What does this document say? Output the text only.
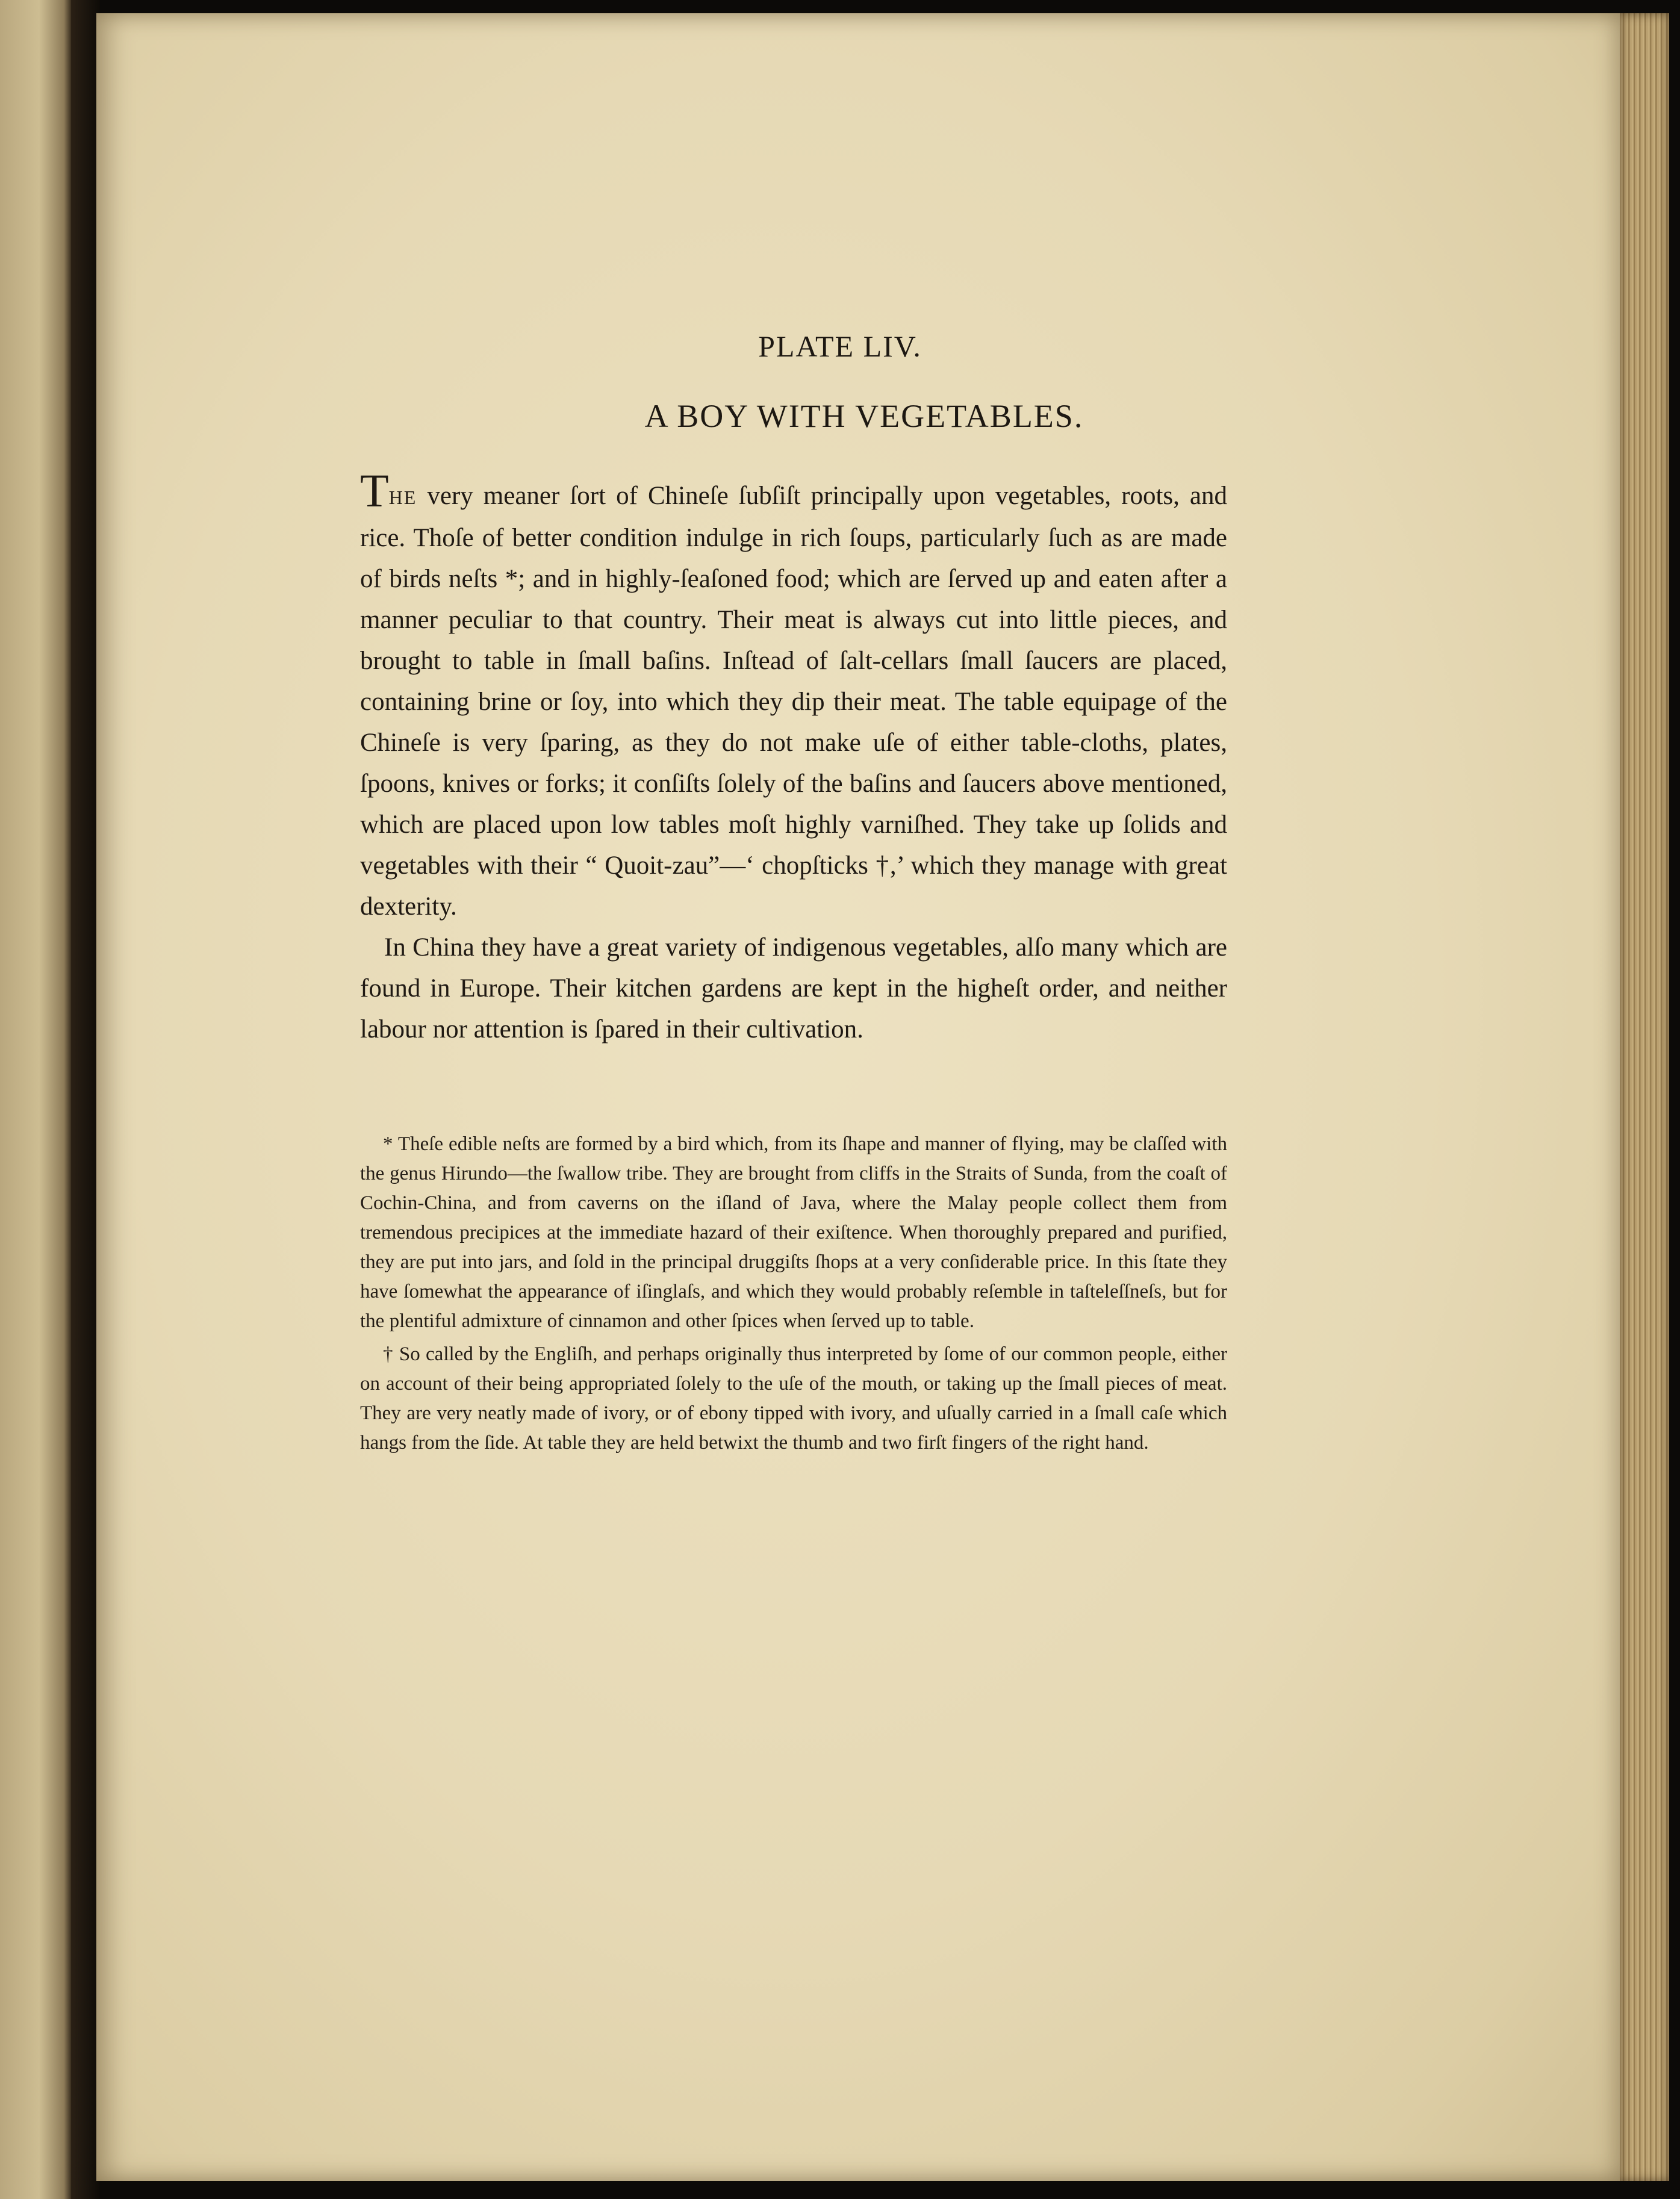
PLATE LIV.
A BOY WITH VEGETABLES.

THE very meaner ſort of Chineſe ſubſiſt principally upon vegetables, roots, and rice. Thoſe of better condition indulge in rich ſoups, particularly ſuch as are made of birds neſts *; and in highly-ſeaſoned food; which are ſerved up and eaten after a manner peculiar to that country. Their meat is always cut into little pieces, and brought to table in ſmall baſins. Inſtead of ſalt-cellars ſmall ſaucers are placed, containing brine or ſoy, into which they dip their meat. The table equipage of the Chineſe is very ſparing, as they do not make uſe of either table-cloths, plates, ſpoons, knives or forks; it conſiſts ſolely of the baſins and ſaucers above mentioned, which are placed upon low tables moſt highly varniſhed. They take up ſolids and vegetables with their “ Quoit-zau”—‘ chopſticks †,’ which they manage with great dexterity.

In China they have a great variety of indigenous vegetables, alſo many which are found in Europe. Their kitchen gardens are kept in the higheſt order, and neither labour nor attention is ſpared in their cultivation.

* Theſe edible neſts are formed by a bird which, from its ſhape and manner of flying, may be claſſed with the genus Hirundo—the ſwallow tribe. They are brought from cliffs in the Straits of Sunda, from the coaſt of Cochin-China, and from caverns on the iſland of Java, where the Malay people collect them from tremendous precipices at the immediate hazard of their exiſtence. When thoroughly prepared and purified, they are put into jars, and ſold in the principal druggiſts ſhops at a very conſiderable price. In this ſtate they have ſomewhat the appearance of iſinglaſs, and which they would probably reſemble in taſteleſſneſs, but for the plentiful admixture of cinnamon and other ſpices when ſerved up to table.

† So called by the Engliſh, and perhaps originally thus interpreted by ſome of our common people, either on account of their being appropriated ſolely to the uſe of the mouth, or taking up the ſmall pieces of meat. They are very neatly made of ivory, or of ebony tipped with ivory, and uſually carried in a ſmall caſe which hangs from the ſide. At table they are held betwixt the thumb and two firſt fingers of the right hand.
